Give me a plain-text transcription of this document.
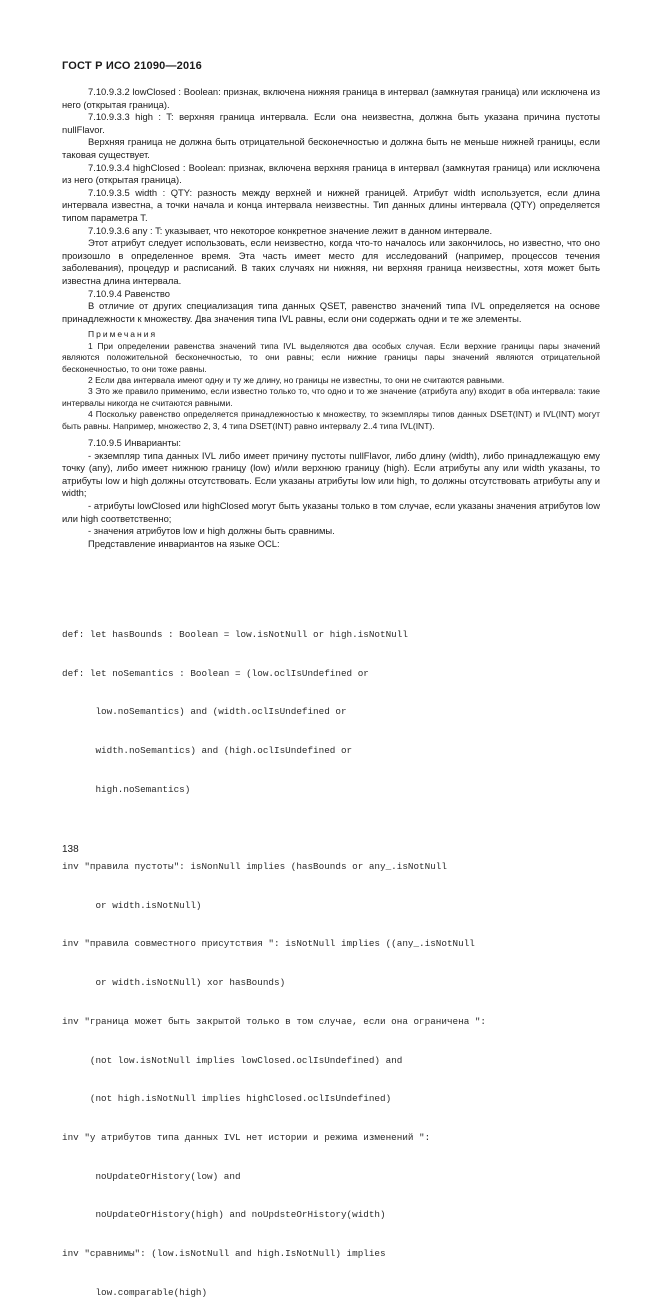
ГОСТ Р ИСО 21090—2016

7.10.9.3.2 lowClosed : Boolean: признак, включена нижняя граница в интервал (замкнутая граница) или исключена из него (открытая граница).

7.10.9.3.3 high : T: верхняя граница интервала. Если она неизвестна, должна быть указана причина пустоты nullFlavor.

Верхняя граница не должна быть отрицательной бесконечностью и должна быть не меньше нижней границы, если таковая существует.

7.10.9.3.4 highClosed : Boolean: признак, включена верхняя граница в интервал (замкнутая граница) или исключена из него (открытая граница).

7.10.9.3.5 width : QTY: разность между верхней и нижней границей. Атрибут width используется, если длина интервала известна, а точки начала и конца интервала неизвестны. Тип данных длины интервала (QTY) определяется типом параметра T.

7.10.9.3.6 any : T: указывает, что некоторое конкретное значение лежит в данном интервале.

Этот атрибут следует использовать, если неизвестно, когда что-то началось или закончилось, но известно, что оно произошло в определенное время. Эта часть имеет место для исследований (например, процессов течения заболевания), процедур и расписаний. В таких случаях ни нижняя, ни верхняя граница неизвестны, хотя может быть известна длина интервала.

7.10.9.4 Равенство

В отличие от других специализация типа данных QSET, равенство значений типа IVL определяется на основе принадлежности к множеству. Два значения типа IVL равны, если они содержать одни и те же элементы.

Примечания

1 При определении равенства значений типа IVL выделяются два особых случая. Если верхние границы пары значений являются положительной бесконечностью, то они равны; если нижние границы пары значений являются отрицательной бесконечностью, то они тоже равны.

2 Если два интервала имеют одну и ту же длину, но границы не известны, то они не считаются равными.

3 Это же правило применимо, если известно только то, что одно и то же значение (атрибута any) входит в оба интервала: такие интервалы никогда не считаются равными.

4 Поскольку равенство определяется принадлежностью к множеству, то экземпляры типов данных DSET(INT) и IVL(INT) могут быть равны. Например, множество 2, 3, 4 типа DSET(INT) равно интервалу 2..4 типа IVL(INT).

7.10.9.5 Инварианты:

- экземпляр типа данных IVL либо имеет причину пустоты nullFlavor, либо длину (width), либо принадлежащую ему точку (any), либо имеет нижнюю границу (low) и/или верхнюю границу (high). Если атрибуты any или width указаны, то атрибуты low и high должны отсутствовать. Если указаны атрибуты low или high, то должны отсутствовать атрибуты any и width;

- атрибуты lowClosed или highClosed могут быть указаны только в том случае, если указаны значения атрибутов low или high соответственно;

- значения атрибутов low и high должны быть сравнимы.

Представление инвариантов на языке OCL:

def: let hasBounds : Boolean = low.isNotNull or high.isNotNull

def: let noSemantics : Boolean = (low.oclIsUndefined or

low.noSemantics) and (width.oclIsUndefined or

width.noSemantics) and (high.oclIsUndefined or

high.noSemantics)

inv "правила пустоты": isNonNull implies (hasBounds or any_.isNotNull

or width.isNotNull)

inv "правила совместного присутствия ": isNotNull implies ((any_.isNotNull

or width.isNotNull) xor hasBounds)

inv "граница может быть закрытой только в том случае, если она ограничена ":

(not low.isNotNull implies lowClosed.oclIsUndefined) and

(not high.isNotNull implies highClosed.oclIsUndefined)

inv "у атрибутов типа данных IVL нет истории и режима изменений ":

noUpdateOrHistory(low) and

noUpdateOrHistory(high) and noUpdsteOrHistory(width)

inv "сравнимы": (low.isNotNull and high.IsNotNull) implies

low.comparable(high)

138
